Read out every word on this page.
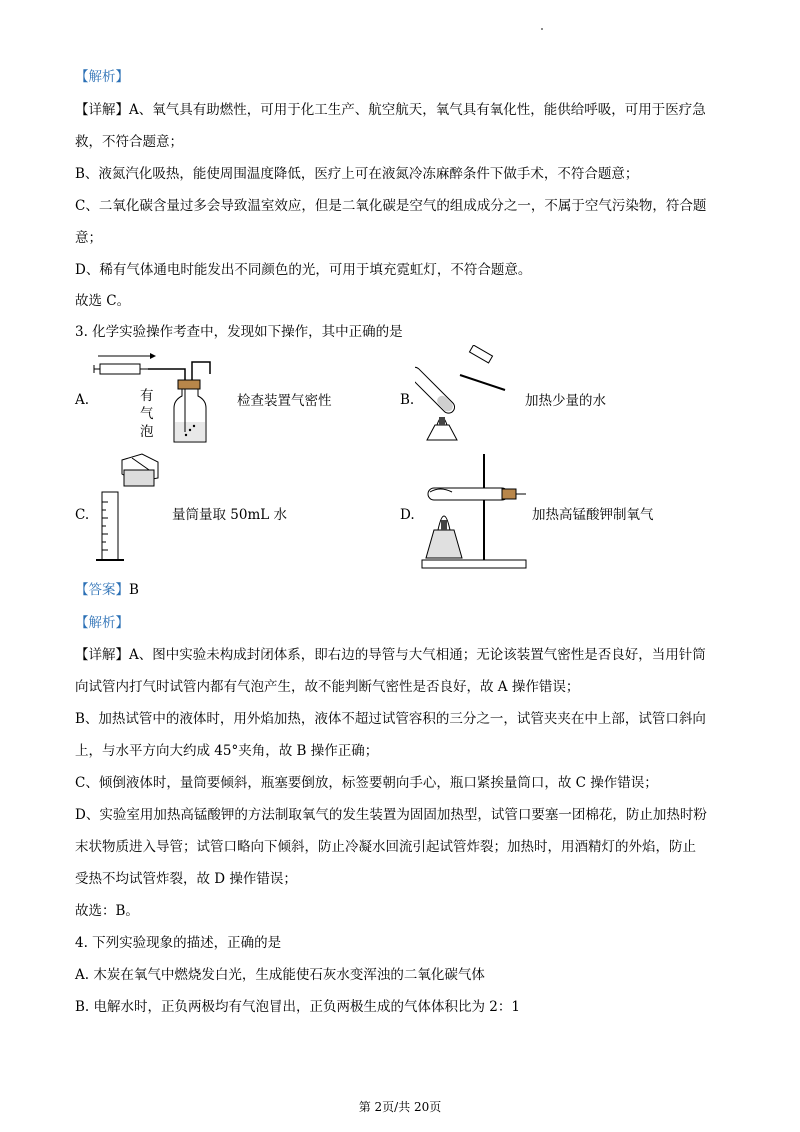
【解析】
【详解】A、氧气具有助燃性，可用于化工生产、航空航天，氧气具有氧化性，能供给呼吸，可用于医疗急
救，不符合题意；
B、液氮汽化吸热，能使周围温度降低，医疗上可在液氮冷冻麻醉条件下做手术，不符合题意；
C、二氧化碳含量过多会导致温室效应，但是二氧化碳是空气的组成成分之一，不属于空气污染物，符合题
意；
D、稀有气体通电时能发出不同颜色的光，可用于填充霓虹灯，不符合题意。
故选 C。
3. 化学实验操作考查中，发现如下操作，其中正确的是
A.	有
气
泡
检查装置气密性	B.	加热少量的水
C.	量筒量取 50mL 水	D.	加热高锰酸钾制氧气
【答案】B
【解析】
【详解】A、图中实验未构成封闭体系，即右边的导管与大气相通；无论该装置气密性是否良好，当用针筒
向试管内打气时试管内都有气泡产生，故不能判断气密性是否良好，故 A 操作错误；
B、加热试管中的液体时，用外焰加热，液体不超过试管容积的三分之一，试管夹夹在中上部，试管口斜向
上，与水平方向大约成 45°夹角，故 B 操作正确；
C、倾倒液体时，量筒要倾斜，瓶塞要倒放，标签要朝向手心，瓶口紧挨量筒口，故 C 操作错误；
D、实验室用加热高锰酸钾的方法制取氧气的发生装置为固固加热型，试管口要塞一团棉花，防止加热时粉
末状物质进入导管；试管口略向下倾斜，防止冷凝水回流引起试管炸裂；加热时，用酒精灯的外焰，防止
受热不均试管炸裂，故 D 操作错误；
故选：B。
4. 下列实验现象的描述，正确的是
A. 木炭在氧气中燃烧发白光，生成能使石灰水变浑浊的二氧化碳气体
B. 电解水时，正负两极均有气泡冒出，正负两极生成的气体体积比为 2：1
第 2页/共 20页
